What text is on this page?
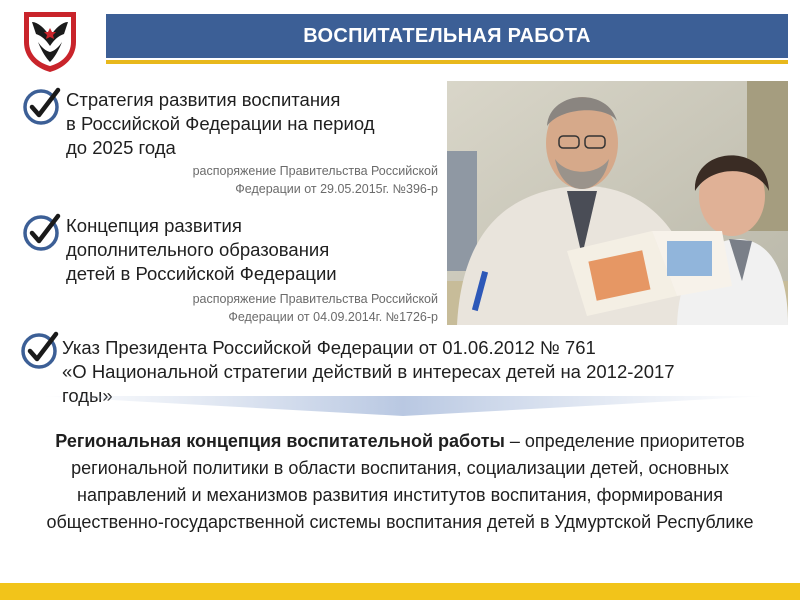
ВОСПИТАТЕЛЬНАЯ РАБОТА
Стратегия развития воспитания
в Российской Федерации на период
до 2025 года
распоряжение Правительства Российской
Федерации от 29.05.2015г. №396-р
Концепция развития
дополнительного образования
детей в Российской Федерации
распоряжение Правительства Российской
Федерации от 04.09.2014г. №1726-р
Указ Президента Российской Федерации от 01.06.2012 № 761
«О Национальной стратегии действий в интересах детей на 2012-2017
годы»
Региональная концепция воспитательной работы – определение приоритетов региональной политики в области воспитания, социализации детей, основных направлений и механизмов развития институтов воспитания, формирования общественно-государственной системы воспитания детей в Удмуртской Республике
